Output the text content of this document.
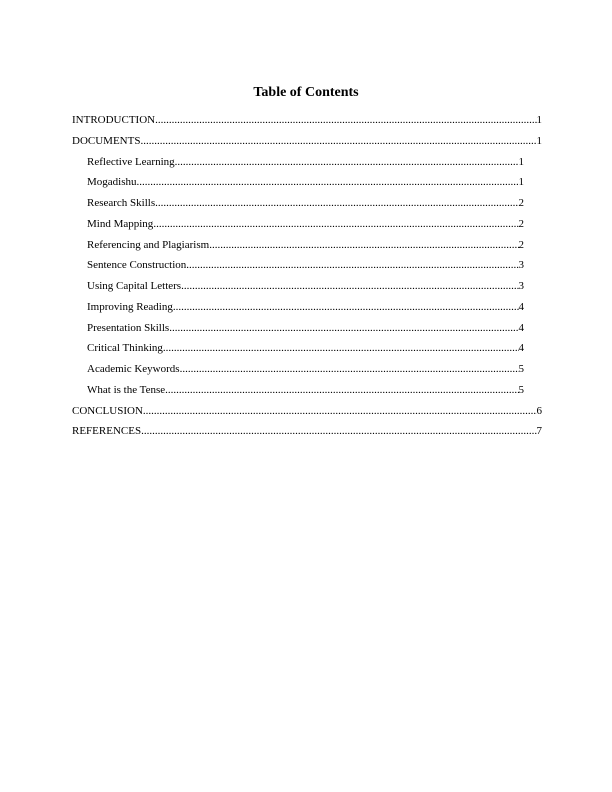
Table of Contents
INTRODUCTION .....	1
DOCUMENTS .....	1
Reflective Learning .....	1
Mogadishu .....	1
Research Skills .....	2
Mind Mapping .....	2
Referencing and Plagiarism .....	2
Sentence Construction .....	3
Using Capital Letters .....	3
Improving Reading .....	4
Presentation Skills .....	4
Critical Thinking .....	4
Academic Keywords .....	5
What is the Tense .....	5
CONCLUSION .....	6
REFERENCES .....	7
